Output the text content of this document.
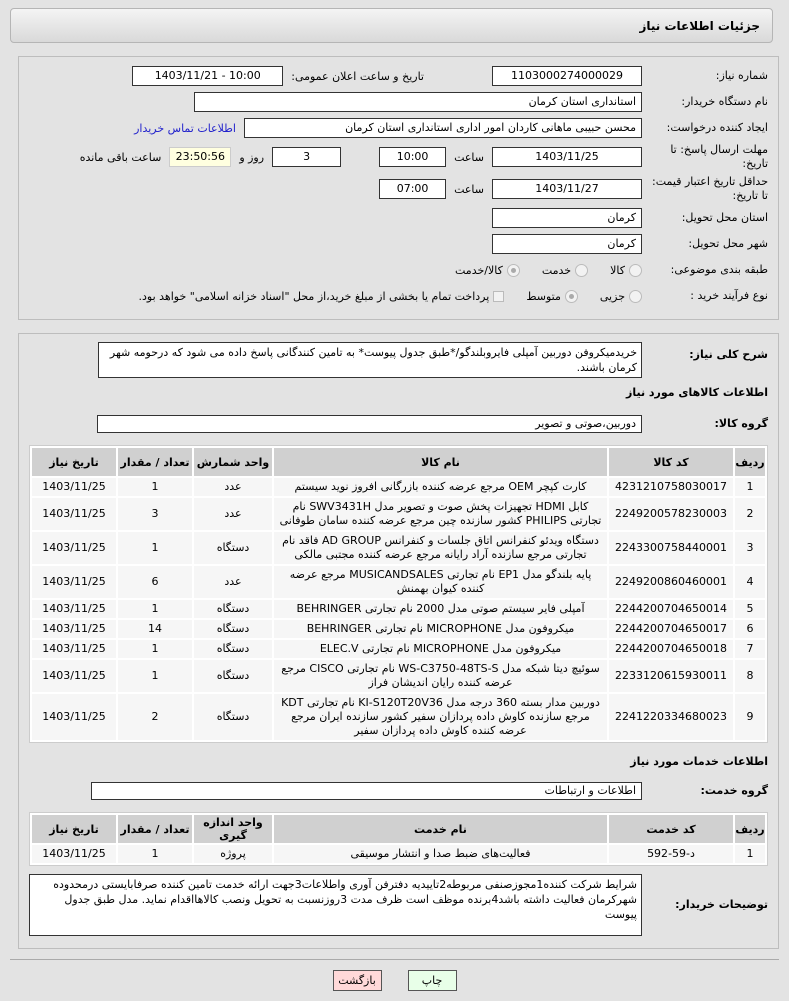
جزئیات اطلاعات نیاز
شماره نیاز:
1103000274000029
تاریخ و ساعت اعلان عمومی:
1403/11/21 - 10:00
نام دستگاه خریدار:
استانداری استان کرمان
ایجاد کننده درخواست:
محسن حبیبی ماهانی کاردان امور اداری استانداری استان کرمان
اطلاعات تماس خریدار
مهلت ارسال پاسخ: تا تاریخ:
1403/11/25
ساعت
10:00
3
روز و
23:50:56
ساعت باقی مانده
حداقل تاریخ اعتبار قیمت: تا تاریخ:
1403/11/27
ساعت
07:00
استان محل تحویل:
کرمان
شهر محل تحویل:
کرمان
طبقه بندی موضوعی:
کالا
خدمت
کالا/خدمت
نوع فرآیند خرید :
جزیی
متوسط
پرداخت تمام یا بخشی از مبلغ خرید،از محل "اسناد خزانه اسلامی" خواهد بود.
شرح کلی نیاز:
خریدمیکروفن دوربین آمپلی فایروبلندگو/*طبق جدول پیوست* به تامین کنندگانی پاسخ داده می شود که درحومه شهر کرمان باشند.
اطلاعات کالاهای مورد نیاز
گروه کالا:
دوربین،صوتی و تصویر
ردیف	کد کالا	نام کالا	واحد شمارش	تعداد / مقدار	تاریخ نیاز
1	4231210758030017	کارت کپچر OEM مرجع عرضه کننده بازرگانی افروز نوید سیستم	عدد	1	1403/11/25
2	2249200578230003	کابل HDMI تجهیزات پخش صوت و تصویر مدل SWV3431H نام تجارتی PHILIPS کشور سازنده چین مرجع عرضه کننده سامان طوفانی	عدد	3	1403/11/25
3	2243300758440001	دستگاه ویدئو کنفرانس اتاق جلسات و کنفرانس AD GROUP فاقد نام تجارتی مرجع سازنده آراد رایانه مرجع عرضه کننده مجتبی مالکی	دستگاه	1	1403/11/25
4	2249200860460001	پایه بلندگو مدل EP1 نام تجارتی MUSICANDSALES مرجع عرضه کننده کیوان بهمنش	عدد	6	1403/11/25
5	2244200704650014	آمپلی فایر سیستم صوتی مدل 2000 نام تجارتی BEHRINGER	دستگاه	1	1403/11/25
6	2244200704650017	میکروفون مدل MICROPHONE نام تجارتی BEHRINGER	دستگاه	14	1403/11/25
7	2244200704650018	میکروفون مدل MICROPHONE نام تجارتی ELEC.V	دستگاه	1	1403/11/25
8	2233120615930011	سوئیچ دیتا شبکه مدل WS-C3750-48TS-S نام تجارتی CISCO مرجع عرضه کننده رایان اندیشان فراز	دستگاه	1	1403/11/25
9	2241220334680023	دوربین مدار بسته 360 درجه مدل KI-S120T20V36 نام تجارتی KDT مرجع سازنده کاوش داده پردازان سفیر کشور سازنده ایران مرجع عرضه کننده کاوش داده پردازان سفیر	دستگاه	2	1403/11/25
اطلاعات خدمات مورد نیاز
گروه خدمت:
اطلاعات و ارتباطات
ردیف	کد خدمت	نام خدمت	واحد اندازه گیری	تعداد / مقدار	تاریخ نیاز
1	د-59-592	فعالیت‌های ضبط صدا و انتشار موسیقی	پروژه	1	1403/11/25
توضیحات خریدار:
شرایط شرکت کننده1مجوزصنفی مربوطه2تاییدیه دفترفن آوری واطلاعات3جهت ارائه خدمت تامین کننده صرفابایستی درمحدوده شهرکرمان فعالیت داشته باشد4برنده موظف است ظرف مدت 3روزنسبت به تحویل ونصب کالاهااقدام نماید. مدل طبق جدول پیوست
چاپ
بازگشت
